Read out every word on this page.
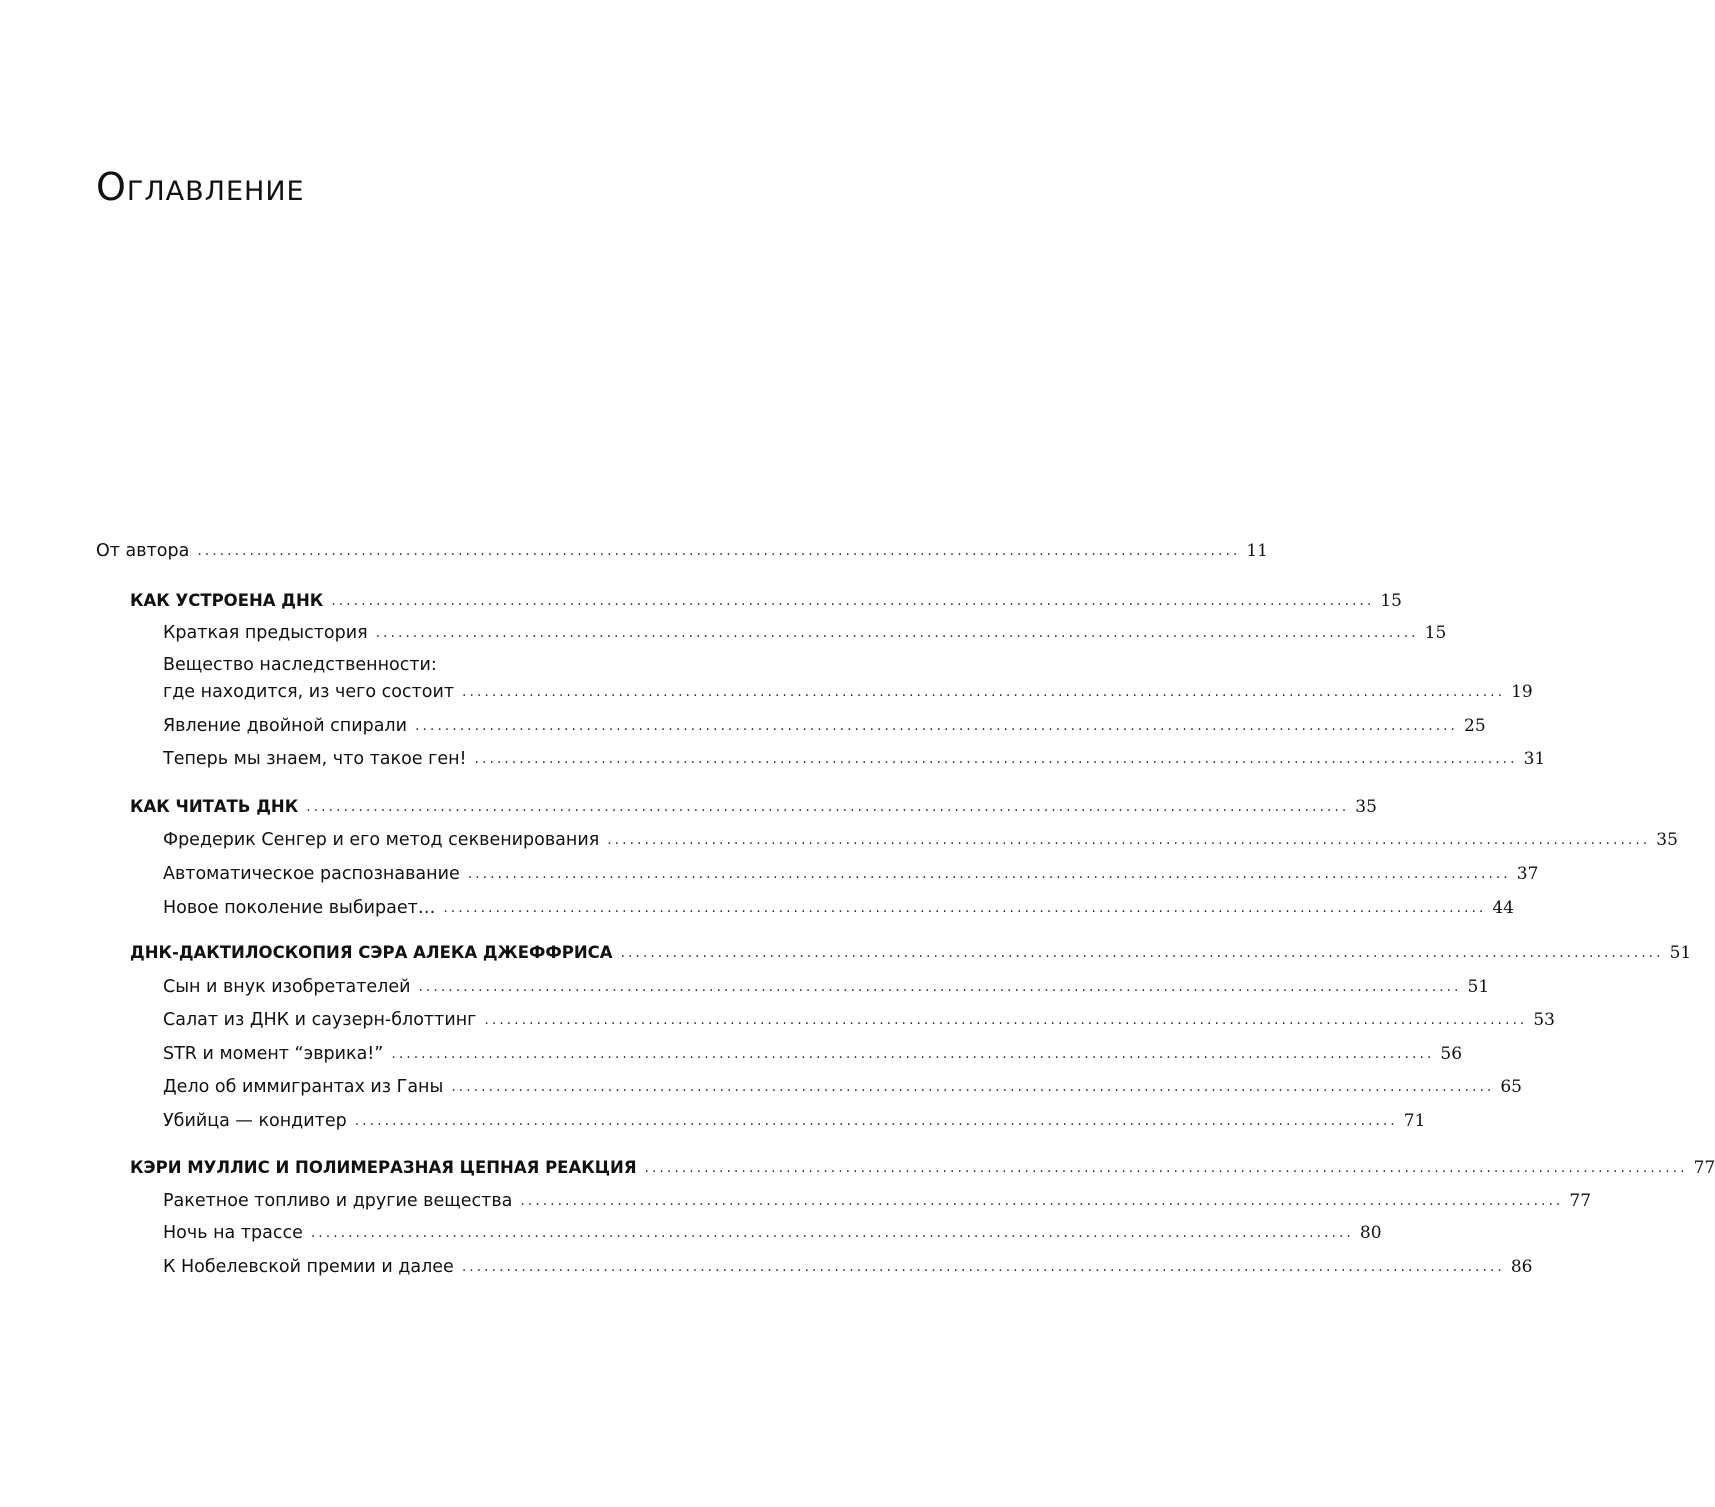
Оглавление
От автора ............................................................................................................................................ 11
КАК УСТРОЕНА ДНК ............................................................................................................................................ 15
Краткая предыстория ............................................................................................................................................ 15
Вещество наследственности:
где находится, из чего состоит ............................................................................................................................................ 19
Явление двойной спирали ............................................................................................................................................ 25
Теперь мы знаем, что такое ген! ............................................................................................................................................ 31
КАК ЧИТАТЬ ДНК ............................................................................................................................................ 35
Фредерик Сенгер и его метод секвенирования ............................................................................................................................................ 35
Автоматическое распознавание ............................................................................................................................................ 37
Новое поколение выбирает… ............................................................................................................................................ 44
ДНК-ДАКТИЛОСКОПИЯ СЭРА АЛЕКА ДЖЕФФРИСА ............................................................................................................................................ 51
Сын и внук изобретателей ............................................................................................................................................ 51
Салат из ДНК и саузерн-блоттинг ............................................................................................................................................ 53
STR и момент “эврика!” ............................................................................................................................................ 56
Дело об иммигрантах из Ганы ............................................................................................................................................ 65
Убийца — кондитер ............................................................................................................................................ 71
КЭРИ МУЛЛИС И ПОЛИМЕРАЗНАЯ ЦЕПНАЯ РЕАКЦИЯ ............................................................................................................................................ 77
Ракетное топливо и другие вещества ............................................................................................................................................ 77
Ночь на трассе ............................................................................................................................................ 80
К Нобелевской премии и далее ............................................................................................................................................ 86
